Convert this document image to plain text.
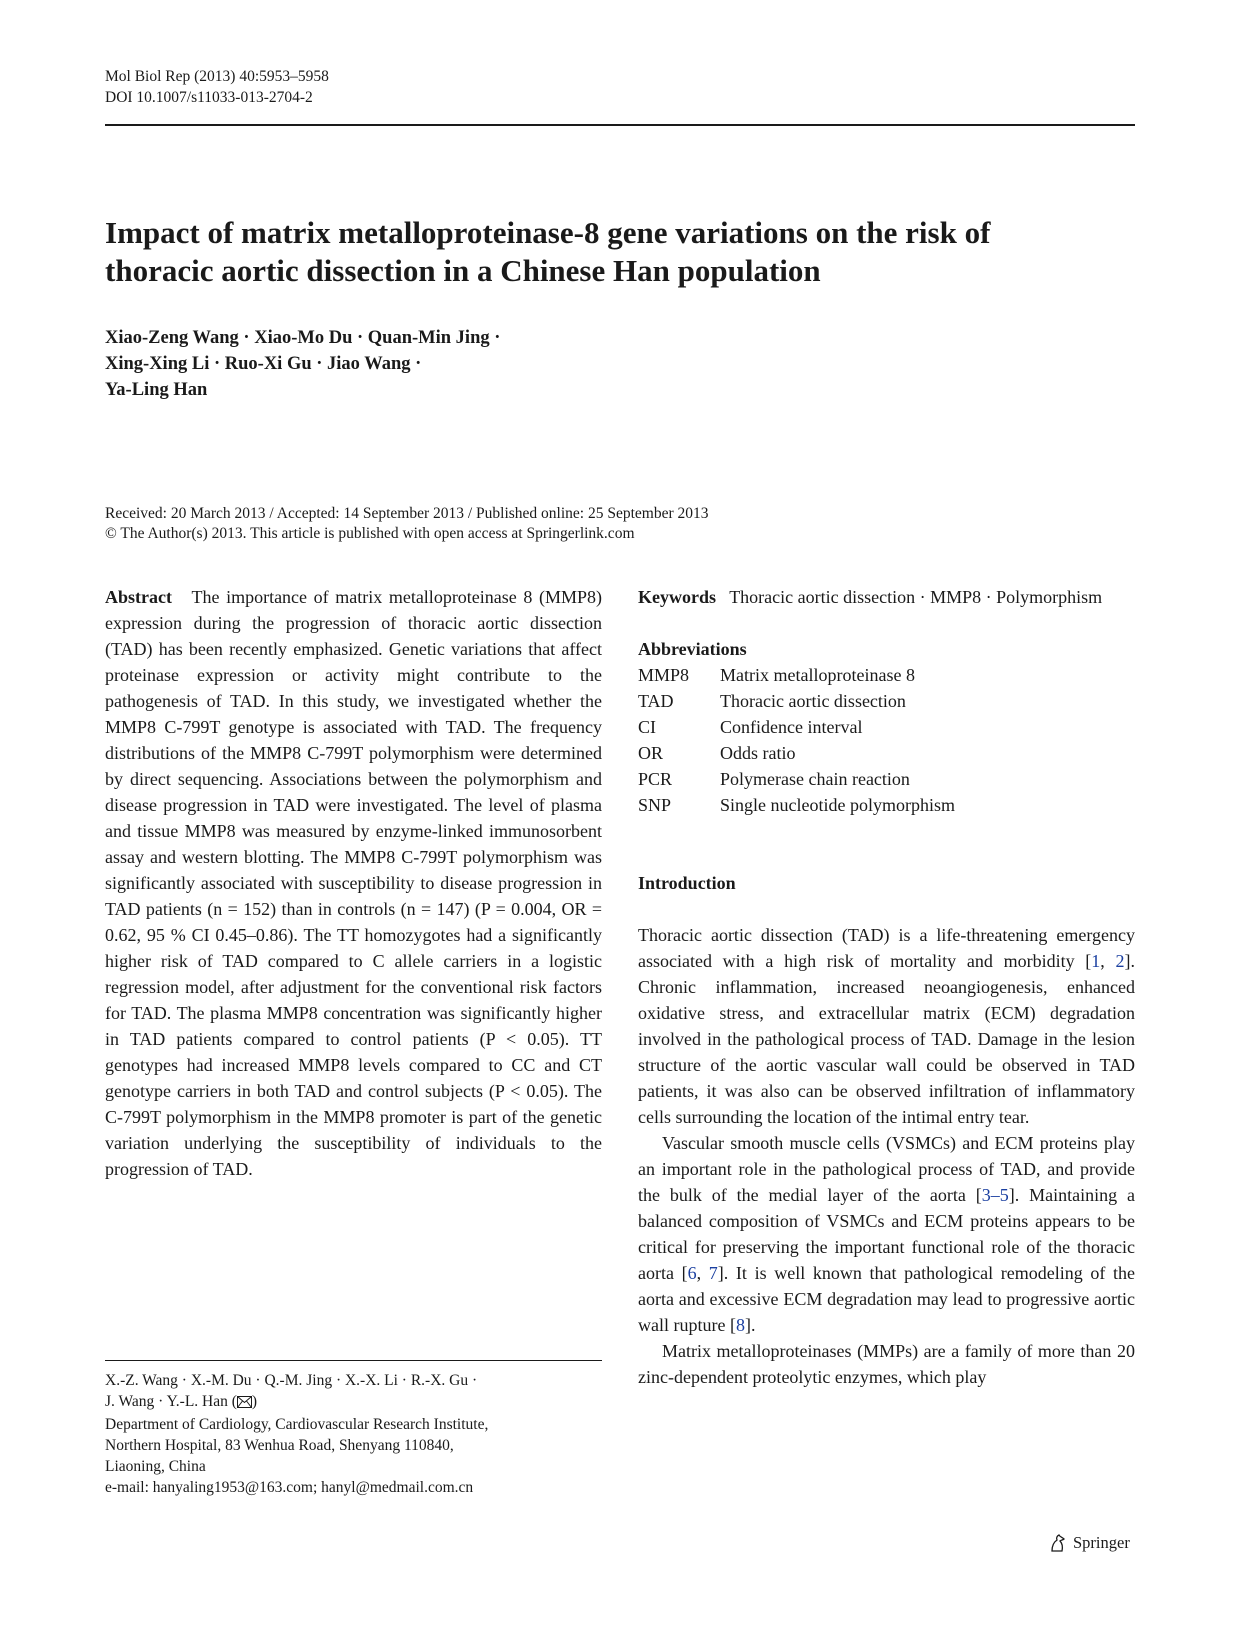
Mol Biol Rep (2013) 40:5953–5958
DOI 10.1007/s11033-013-2704-2
Impact of matrix metalloproteinase-8 gene variations on the risk of thoracic aortic dissection in a Chinese Han population
Xiao-Zeng Wang · Xiao-Mo Du · Quan-Min Jing ·
Xing-Xing Li · Ruo-Xi Gu · Jiao Wang ·
Ya-Ling Han
Received: 20 March 2013 / Accepted: 14 September 2013 / Published online: 25 September 2013
© The Author(s) 2013. This article is published with open access at Springerlink.com
Abstract The importance of matrix metalloproteinase 8 (MMP8) expression during the progression of thoracic aortic dissection (TAD) has been recently emphasized. Genetic variations that affect proteinase expression or activity might contribute to the pathogenesis of TAD. In this study, we investigated whether the MMP8 C-799T genotype is associated with TAD. The frequency distributions of the MMP8 C-799T polymorphism were determined by direct sequencing. Associations between the polymorphism and disease progression in TAD were investigated. The level of plasma and tissue MMP8 was measured by enzyme-linked immunosorbent assay and western blotting. The MMP8 C-799T polymorphism was significantly associated with susceptibility to disease progression in TAD patients (n = 152) than in controls (n = 147) (P = 0.004, OR = 0.62, 95 % CI 0.45–0.86). The TT homozygotes had a significantly higher risk of TAD compared to C allele carriers in a logistic regression model, after adjustment for the conventional risk factors for TAD. The plasma MMP8 concentration was significantly higher in TAD patients compared to control patients (P < 0.05). TT genotypes had increased MMP8 levels compared to CC and CT genotype carriers in both TAD and control subjects (P < 0.05). The C-799T polymorphism in the MMP8 promoter is part of the genetic variation underlying the susceptibility of individuals to the progression of TAD.
Keywords Thoracic aortic dissection · MMP8 · Polymorphism

Abbreviations

MMP8	Matrix metalloproteinase 8
TAD	Thoracic aortic dissection
CI	Confidence interval
OR	Odds ratio
PCR	Polymerase chain reaction
SNP	Single nucleotide polymorphism

Introduction

Thoracic aortic dissection (TAD) is a life-threatening emergency associated with a high risk of mortality and morbidity [1, 2]. Chronic inflammation, increased neoangiogenesis, enhanced oxidative stress, and extracellular matrix (ECM) degradation involved in the pathological process of TAD. Damage in the lesion structure of the aortic vascular wall could be observed in TAD patients, it was also can be observed infiltration of inflammatory cells surrounding the location of the intimal entry tear.

Vascular smooth muscle cells (VSMCs) and ECM proteins play an important role in the pathological process of TAD, and provide the bulk of the medial layer of the aorta [3–5]. Maintaining a balanced composition of VSMCs and ECM proteins appears to be critical for preserving the important functional role of the thoracic aorta [6, 7]. It is well known that pathological remodeling of the aorta and excessive ECM degradation may lead to progressive aortic wall rupture [8].

Matrix metalloproteinases (MMPs) are a family of more than 20 zinc-dependent proteolytic enzymes, which play

X.-Z. Wang · X.-M. Du · Q.-M. Jing · X.-X. Li · R.-X. Gu ·
J. Wang · Y.-L. Han ( )
Department of Cardiology, Cardiovascular Research Institute,
Northern Hospital, 83 Wenhua Road, Shenyang 110840,
Liaoning, China
e-mail: hanyaling1953@163.com; hanyl@medmail.com.cn
Springer
